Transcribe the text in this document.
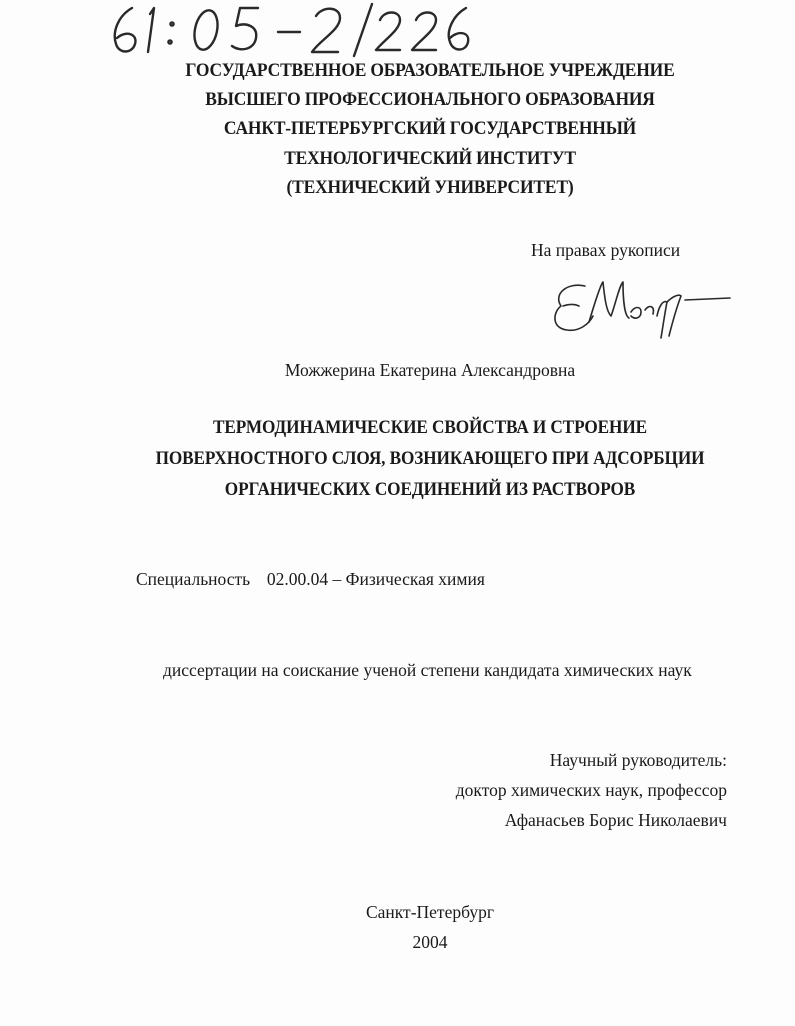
ГОСУДАРСТВЕННОЕ ОБРАЗОВАТЕЛЬНОЕ УЧРЕЖДЕНИЕ
ВЫСШЕГО ПРОФЕССИОНАЛЬНОГО ОБРАЗОВАНИЯ
САНКТ-ПЕТЕРБУРГСКИЙ ГОСУДАРСТВЕННЫЙ
ТЕХНОЛОГИЧЕСКИЙ ИНСТИТУТ
(ТЕХНИЧЕСКИЙ УНИВЕРСИТЕТ)
На правах рукописи
Можжерина Екатерина Александровна
ТЕРМОДИНАМИЧЕСКИЕ СВОЙСТВА И СТРОЕНИЕ
ПОВЕРХНОСТНОГО СЛОЯ, ВОЗНИКАЮЩЕГО ПРИ АДСОРБЦИИ
ОРГАНИЧЕСКИХ СОЕДИНЕНИЙ ИЗ РАСТВОРОВ
Специальность 02.00.04 – Физическая химия
диссертации на соискание ученой степени кандидата химических наук
Научный руководитель:
доктор химических наук, профессор
Афанасьев Борис Николаевич
Санкт-Петербург
2004
